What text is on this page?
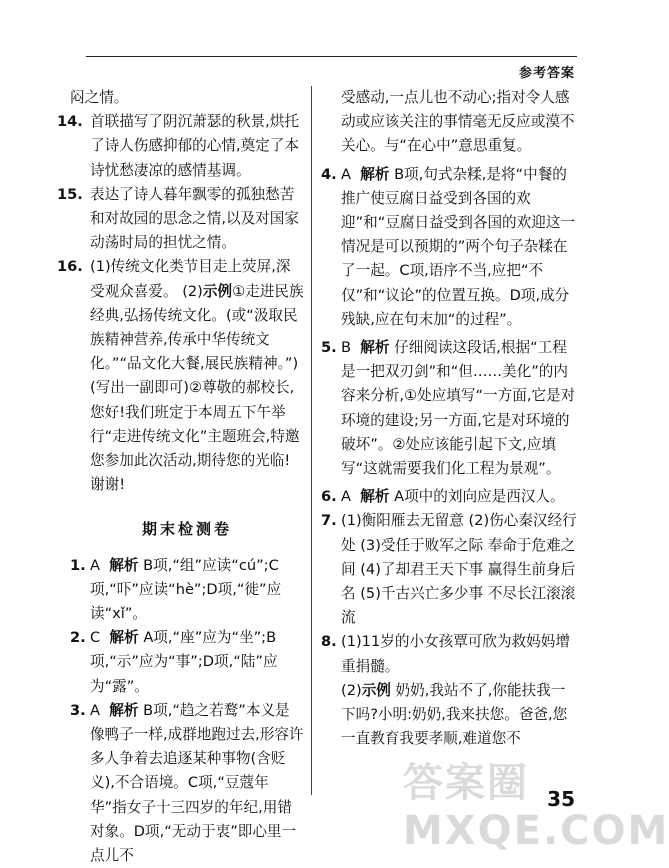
参考答案

闷之情。

14. 首联描写了阴沉萧瑟的秋景,烘托了诗人伤感抑郁的心情,奠定了本诗忧愁凄凉的感情基调。

15. 表达了诗人暮年飘零的孤独愁苦和对故园的思念之情,以及对国家动荡时局的担忧之情。

16. (1)传统文化类节目走上荧屏,深受观众喜爱。 (2)示例①走进民族经典,弘扬传统文化。(或“汲取民族精神营养,传承中华传统文化。”“品文化大餐,展民族精神。”)(写出一副即可)②尊敬的郝校长,您好!我们班定于本周五下午举行“走进传统文化”主题班会,特邀您参加此次活动,期待您的光临!谢谢!

期末检测卷
1. A 解析 B项,“组”应读“cú”;C项,“吓”应读“hè”;D项,“徙”应读“xǐ”。

2. C 解析 A项,“座”应为“坐”;B项,“示”应为“事”;D项,“陆”应为“露”。

3. A 解析 B项,“趋之若鹜”本义是像鸭子一样,成群地跑过去,形容许多人争着去追逐某种事物(含贬义),不合语境。C项,“豆蔻年华”指女子十三四岁的年纪,用错对象。D项,“无动于衷”即心里一点儿不

受感动,一点儿也不动心;指对令人感动或应该关注的事情毫无反应或漠不关心。与“在心中”意思重复。

4. A 解析 B项,句式杂糅,是将“中餐的推广使豆腐日益受到各国的欢迎”和“豆腐日益受到各国的欢迎这一情况是可以预期的”两个句子杂糅在了一起。C项,语序不当,应把“不仅”和“议论”的位置互换。D项,成分残缺,应在句末加“的过程”。

5. B 解析 仔细阅读这段话,根据“工程是一把双刃剑”和“但……美化”的内容来分析,①处应填写“一方面,它是对环境的建设;另一方面,它是对环境的破坏”。②处应该能引起下文,应填写“这就需要我们化工程为景观”。

6. A 解析 A项中的刘向应是西汉人。

7. (1)衡阳雁去无留意 (2)伤心秦汉经行处 (3)受任于败军之际 奉命于危难之间 (4)了却君王天下事 赢得生前身后名 (5)千古兴亡多少事 不尽长江滚滚流

8. (1)11岁的小女孩覃可欣为救妈妈增重捐髓。

(2)示例 奶奶,我站不了,你能扶我一下吗?小明:奶奶,我来扶您。爸爸,您一直教育我要孝顺,难道您不

答案圈 MXQE.COM
35
